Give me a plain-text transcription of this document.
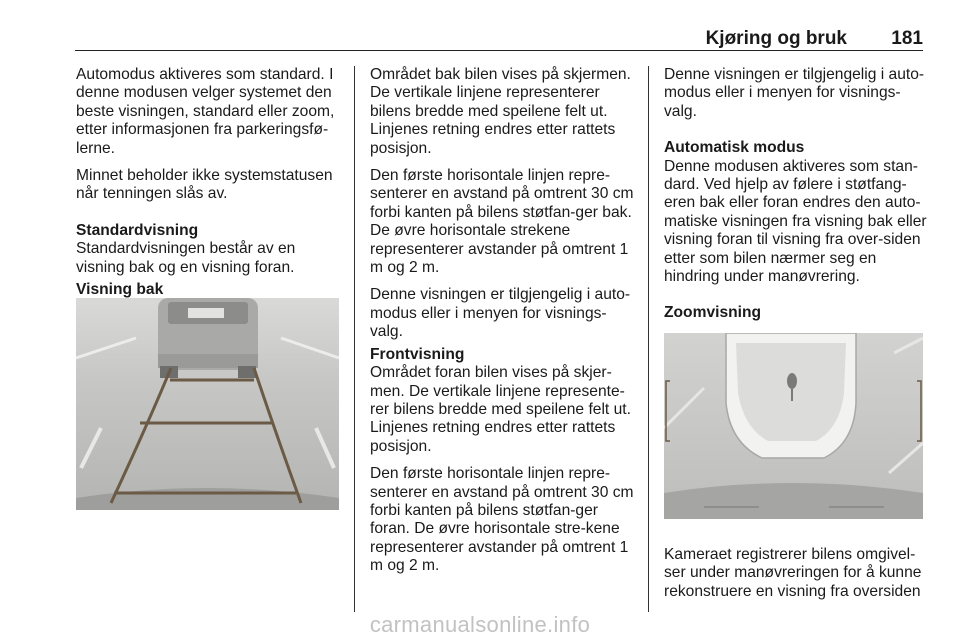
Kjøring og bruk 181

Automodus aktiveres som standard. I denne modusen velger systemet den beste visningen, standard eller zoom, etter informasjonen fra parkeringsfø-lerne.

Minnet beholder ikke systemstatusen når tenningen slås av.

Standardvisning

Standardvisningen består av en visning bak og en visning foran.

Visning bak

Området bak bilen vises på skjermen. De vertikale linjene representerer bilens bredde med speilene felt ut. Linjenes retning endres etter rattets posisjon.

Den første horisontale linjen repre-senterer en avstand på omtrent 30 cm forbi kanten på bilens støtfan-ger bak. De øvre horisontale strekene representerer avstander på omtrent 1 m og 2 m.

Denne visningen er tilgjengelig i auto-modus eller i menyen for visnings-valg.

Frontvisning

Området foran bilen vises på skjer-men. De vertikale linjene represente-rer bilens bredde med speilene felt ut. Linjenes retning endres etter rattets posisjon.

Den første horisontale linjen repre-senterer en avstand på omtrent 30 cm forbi kanten på bilens støtfan-ger foran. De øvre horisontale stre-kene representerer avstander på omtrent 1 m og 2 m.

Denne visningen er tilgjengelig i auto-modus eller i menyen for visnings-valg.

Automatisk modus

Denne modusen aktiveres som stan-dard. Ved hjelp av følere i støtfang-eren bak eller foran endres den auto-matiske visningen fra visning bak eller visning foran til visning fra over-siden etter som bilen nærmer seg en hindring under manøvrering.

Zoomvisning

Kameraet registrerer bilens omgivel-ser under manøvreringen for å kunne rekonstruere en visning fra oversiden

carmanualsonline.info
